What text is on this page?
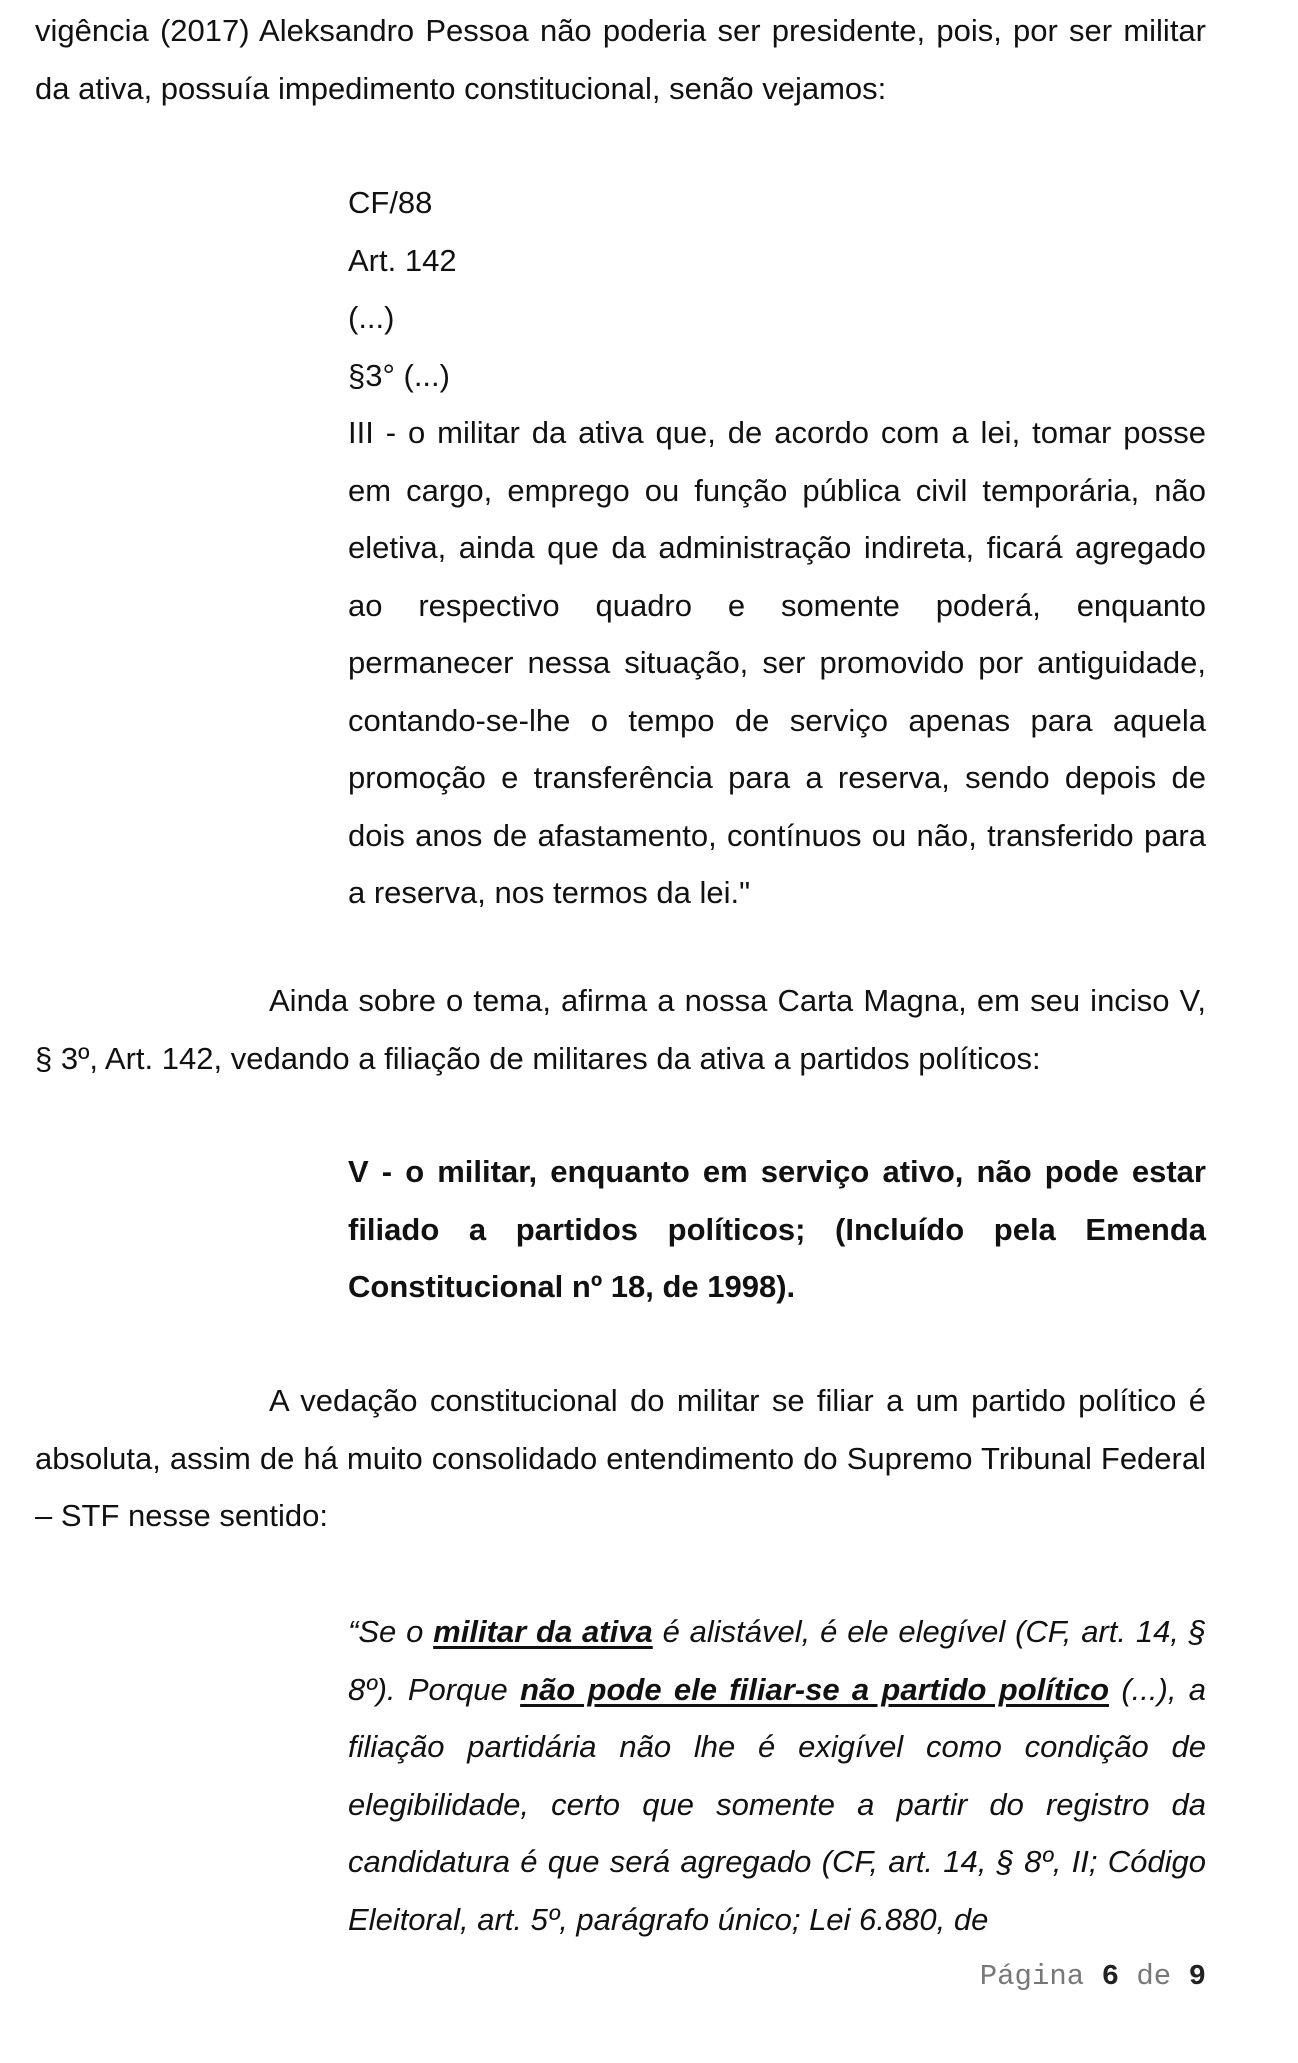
vigência (2017) Aleksandro Pessoa não poderia ser presidente, pois, por ser militar da ativa, possuía impedimento constitucional, senão vejamos:

CF/88
Art. 142
(...)
§3° (...)
III - o militar da ativa que, de acordo com a lei, tomar posse em cargo, emprego ou função pública civil temporária, não eletiva, ainda que da administração indireta, ficará agregado ao respectivo quadro e somente poderá, enquanto permanecer nessa situação, ser promovido por antiguidade, contando-se-lhe o tempo de serviço apenas para aquela promoção e transferência para a reserva, sendo depois de dois anos de afastamento, contínuos ou não, transferido para a reserva, nos termos da lei."

Ainda sobre o tema, afirma a nossa Carta Magna, em seu inciso V, § 3º, Art. 142, vedando a filiação de militares da ativa a partidos políticos:

V - o militar, enquanto em serviço ativo, não pode estar filiado a partidos políticos; (Incluído pela Emenda Constitucional nº 18, de 1998).

A vedação constitucional do militar se filiar a um partido político é absoluta, assim de há muito consolidado entendimento do Supremo Tribunal Federal – STF nesse sentido:

“Se o militar da ativa é alistável, é ele elegível (CF, art. 14, § 8º). Porque não pode ele filiar-se a partido político (...), a filiação partidária não lhe é exigível como condição de elegibilidade, certo que somente a partir do registro da candidatura é que será agregado (CF, art. 14, § 8º, II; Código Eleitoral, art. 5º, parágrafo único; Lei 6.880, de
Página 6 de 9
